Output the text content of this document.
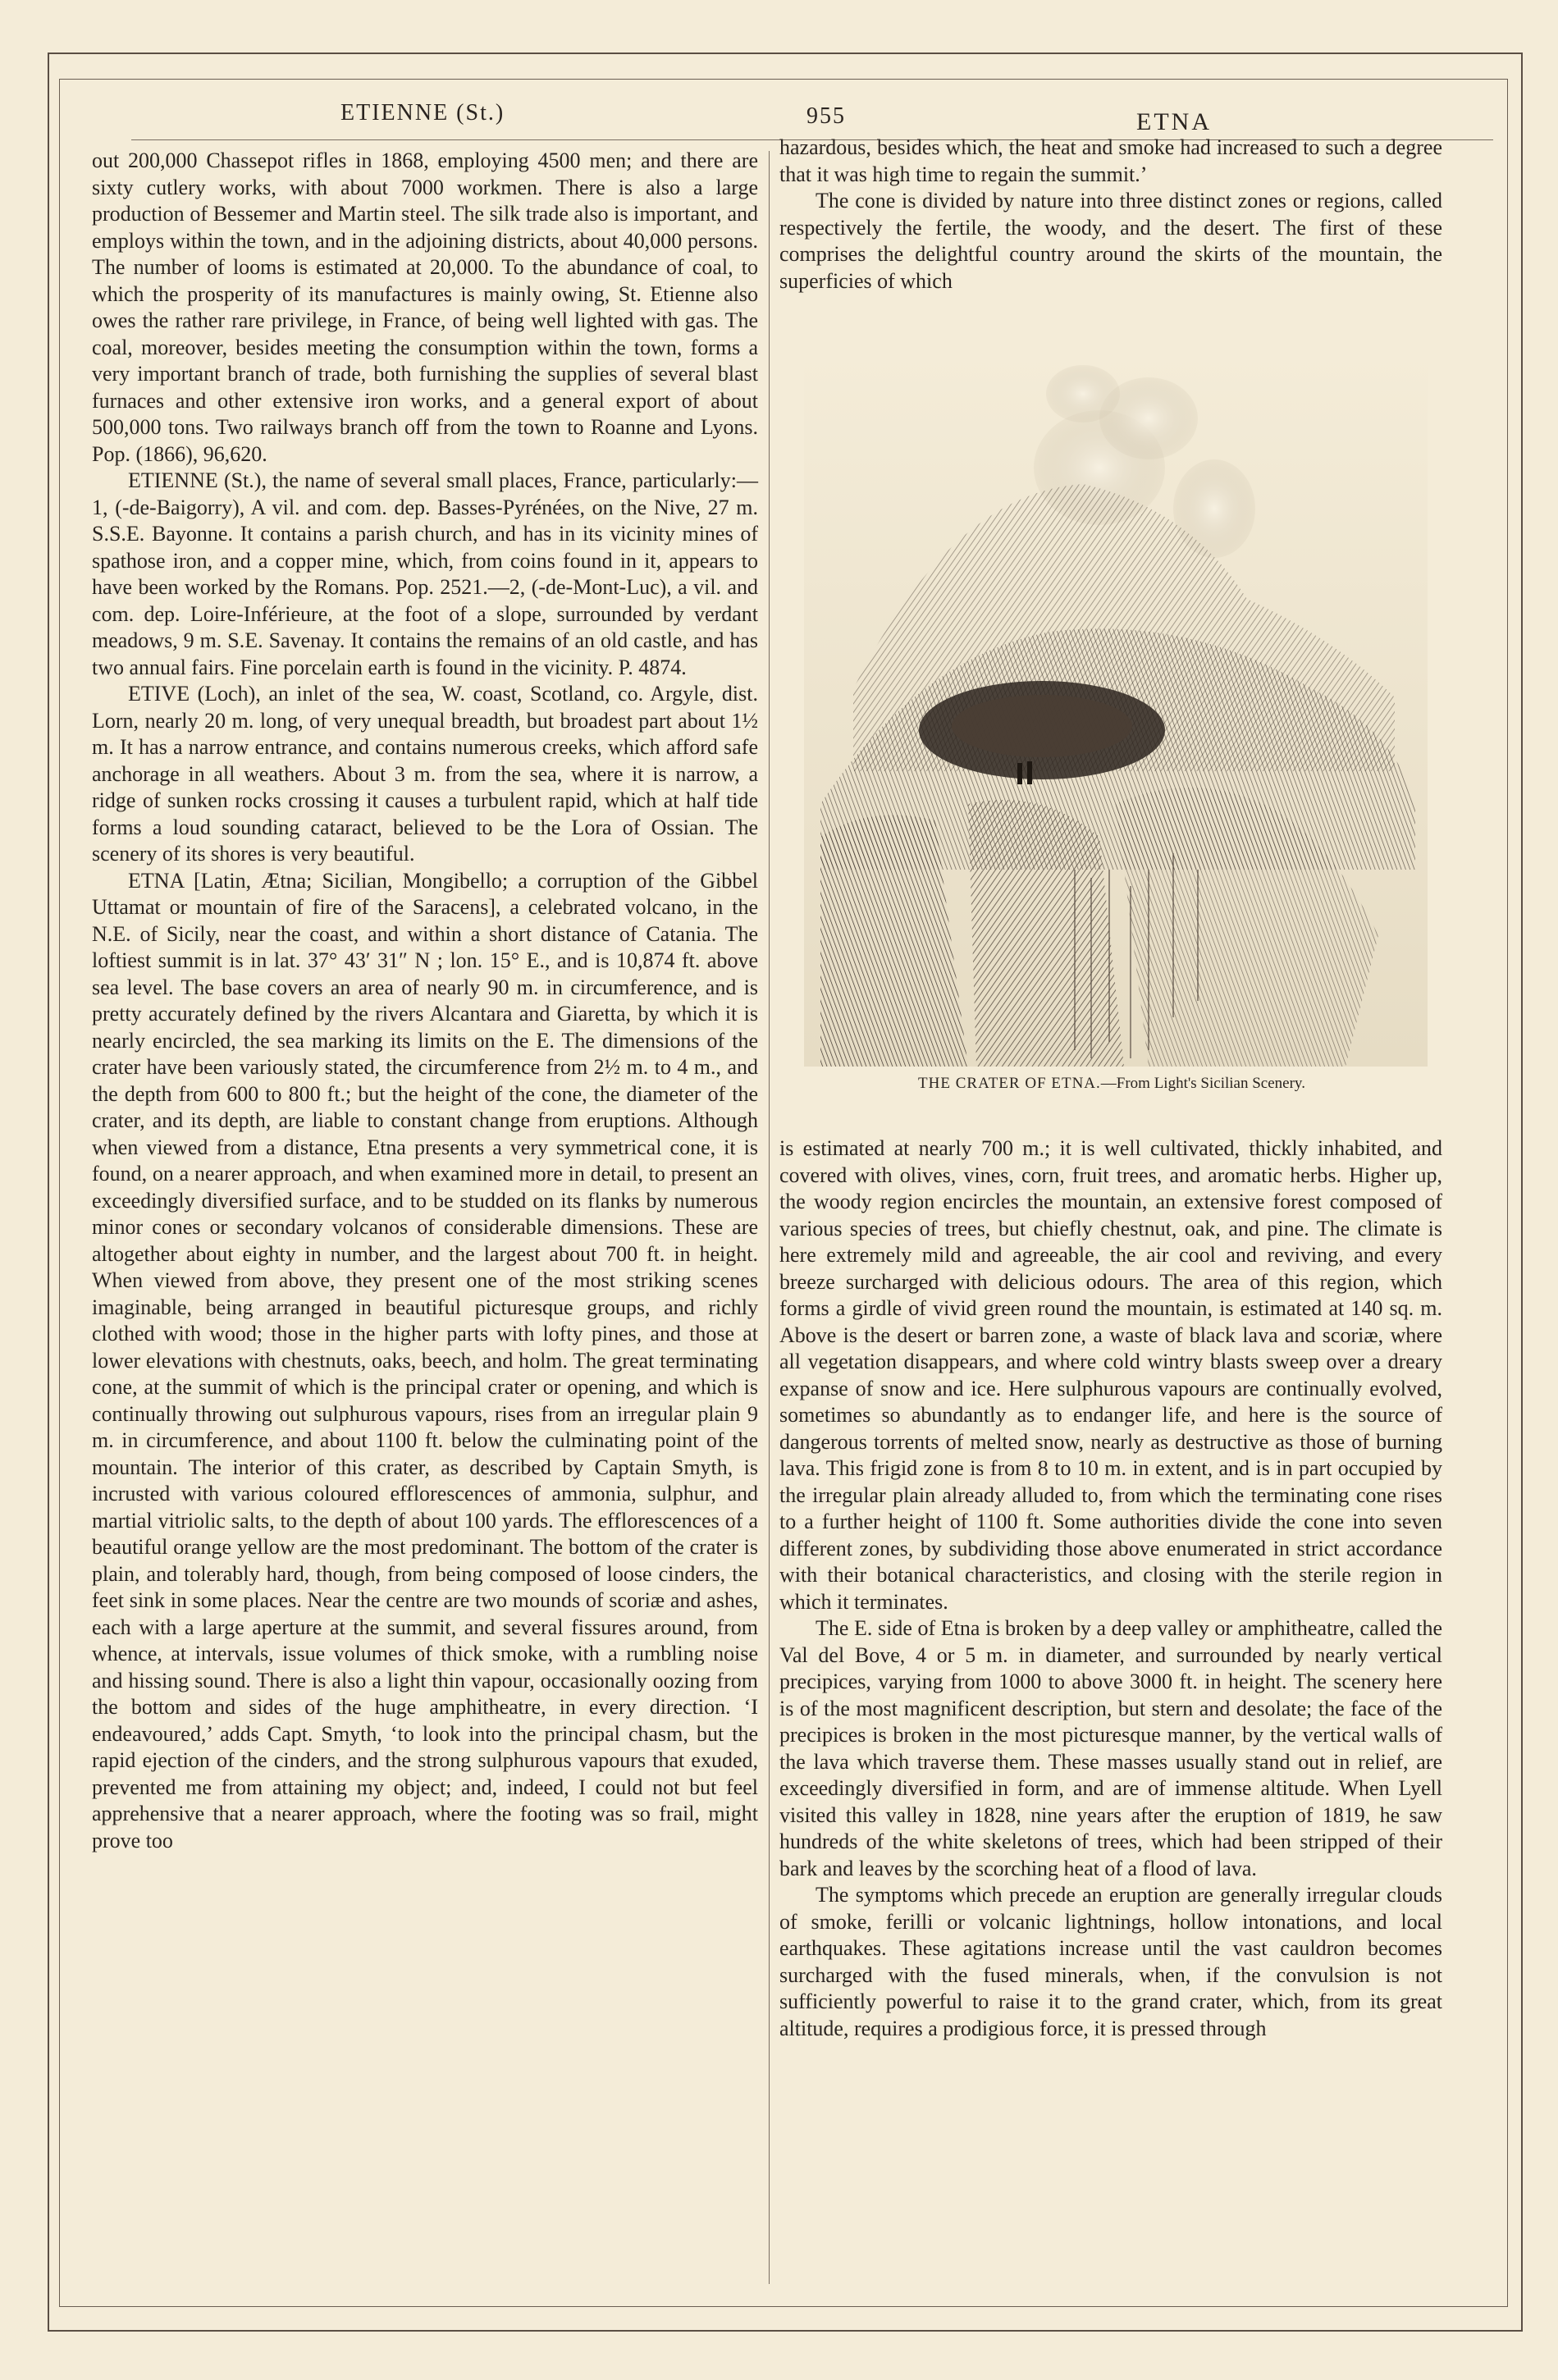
ETIENNE (St.)	955	ETNA

out 200,000 Chassepot rifles in 1868, employing 4500 men; and there are sixty cutlery works, with about 7000 workmen. There is also a large production of Bessemer and Martin steel. The silk trade also is important, and employs within the town, and in the adjoining districts, about 40,000 persons. The number of looms is estimated at 20,000. To the abundance of coal, to which the prosperity of its manufactures is mainly owing, St. Etienne also owes the rather rare privilege, in France, of being well lighted with gas. The coal, moreover, besides meeting the consumption within the town, forms a very important branch of trade, both furnishing the supplies of several blast furnaces and other extensive iron works, and a general export of about 500,000 tons. Two railways branch off from the town to Roanne and Lyons. Pop. (1866), 96,620.

ETIENNE (St.), the name of several small places, France, particularly:—1, (-de-Baigorry), A vil. and com. dep. Basses-Pyrénées, on the Nive, 27 m. S.S.E. Bayonne. It contains a parish church, and has in its vicinity mines of spathose iron, and a copper mine, which, from coins found in it, appears to have been worked by the Romans. Pop. 2521.—2, (-de-Mont-Luc), a vil. and com. dep. Loire-Inférieure, at the foot of a slope, surrounded by verdant meadows, 9 m. S.E. Savenay. It contains the remains of an old castle, and has two annual fairs. Fine porcelain earth is found in the vicinity. P. 4874.

ETIVE (Loch), an inlet of the sea, W. coast, Scotland, co. Argyle, dist. Lorn, nearly 20 m. long, of very unequal breadth, but broadest part about 1½ m. It has a narrow entrance, and contains numerous creeks, which afford safe anchorage in all weathers. About 3 m. from the sea, where it is narrow, a ridge of sunken rocks crossing it causes a turbulent rapid, which at half tide forms a loud sounding cataract, believed to be the Lora of Ossian. The scenery of its shores is very beautiful.

ETNA [Latin, Ætna; Sicilian, Mongibello; a corruption of the Gibbel Uttamat or mountain of fire of the Saracens], a celebrated volcano, in the N.E. of Sicily, near the coast, and within a short distance of Catania. The loftiest summit is in lat. 37° 43′ 31″ N ; lon. 15° E., and is 10,874 ft. above sea level. The base covers an area of nearly 90 m. in circumference, and is pretty accurately defined by the rivers Alcantara and Giaretta, by which it is nearly encircled, the sea marking its limits on the E. The dimensions of the crater have been variously stated, the circumference from 2½ m. to 4 m., and the depth from 600 to 800 ft.; but the height of the cone, the diameter of the crater, and its depth, are liable to constant change from eruptions. Although when viewed from a distance, Etna presents a very symmetrical cone, it is found, on a nearer approach, and when examined more in detail, to present an exceedingly diversified surface, and to be studded on its flanks by numerous minor cones or secondary volcanos of considerable dimensions. These are altogether about eighty in number, and the largest about 700 ft. in height. When viewed from above, they present one of the most striking scenes imaginable, being arranged in beautiful picturesque groups, and richly clothed with wood; those in the higher parts with lofty pines, and those at lower elevations with chestnuts, oaks, beech, and holm. The great terminating cone, at the summit of which is the principal crater or opening, and which is continually throwing out sulphurous vapours, rises from an irregular plain 9 m. in circumference, and about 1100 ft. below the culminating point of the mountain. The interior of this crater, as described by Captain Smyth, is incrusted with various coloured efflorescences of ammonia, sulphur, and martial vitriolic salts, to the depth of about 100 yards. The efflorescences of a beautiful orange yellow are the most predominant. The bottom of the crater is plain, and tolerably hard, though, from being composed of loose cinders, the feet sink in some places. Near the centre are two mounds of scoriæ and ashes, each with a large aperture at the summit, and several fissures around, from whence, at intervals, issue volumes of thick smoke, with a rumbling noise and hissing sound. There is also a light thin vapour, occasionally oozing from the bottom and sides of the huge amphitheatre, in every direction. ‘I endeavoured,’ adds Capt. Smyth, ‘to look into the principal chasm, but the rapid ejection of the cinders, and the strong sulphurous vapours that exuded, prevented me from attaining my object; and, indeed, I could not but feel apprehensive that a nearer approach, where the footing was so frail, might prove too

hazardous, besides which, the heat and smoke had increased to such a degree that it was high time to regain the summit.’

The cone is divided by nature into three distinct zones or regions, called respectively the fertile, the woody, and the desert. The first of these comprises the delightful country around the skirts of the mountain, the superficies of which

THE CRATER OF ETNA.—From Light's Sicilian Scenery.

is estimated at nearly 700 m.; it is well cultivated, thickly inhabited, and covered with olives, vines, corn, fruit trees, and aromatic herbs. Higher up, the woody region encircles the mountain, an extensive forest composed of various species of trees, but chiefly chestnut, oak, and pine. The climate is here extremely mild and agreeable, the air cool and reviving, and every breeze surcharged with delicious odours. The area of this region, which forms a girdle of vivid green round the mountain, is estimated at 140 sq. m. Above is the desert or barren zone, a waste of black lava and scoriæ, where all vegetation disappears, and where cold wintry blasts sweep over a dreary expanse of snow and ice. Here sulphurous vapours are continually evolved, sometimes so abundantly as to endanger life, and here is the source of dangerous torrents of melted snow, nearly as destructive as those of burning lava. This frigid zone is from 8 to 10 m. in extent, and is in part occupied by the irregular plain already alluded to, from which the terminating cone rises to a further height of 1100 ft. Some authorities divide the cone into seven different zones, by subdividing those above enumerated in strict accordance with their botanical characteristics, and closing with the sterile region in which it terminates.

The E. side of Etna is broken by a deep valley or amphitheatre, called the Val del Bove, 4 or 5 m. in diameter, and surrounded by nearly vertical precipices, varying from 1000 to above 3000 ft. in height. The scenery here is of the most magnificent description, but stern and desolate; the face of the precipices is broken in the most picturesque manner, by the vertical walls of the lava which traverse them. These masses usually stand out in relief, are exceedingly diversified in form, and are of immense altitude. When Lyell visited this valley in 1828, nine years after the eruption of 1819, he saw hundreds of the white skeletons of trees, which had been stripped of their bark and leaves by the scorching heat of a flood of lava.

The symptoms which precede an eruption are generally irregular clouds of smoke, ferilli or volcanic lightnings, hollow intonations, and local earthquakes. These agitations increase until the vast cauldron becomes surcharged with the fused minerals, when, if the convulsion is not sufficiently powerful to raise it to the grand crater, which, from its great altitude, requires a prodigious force, it is pressed through
